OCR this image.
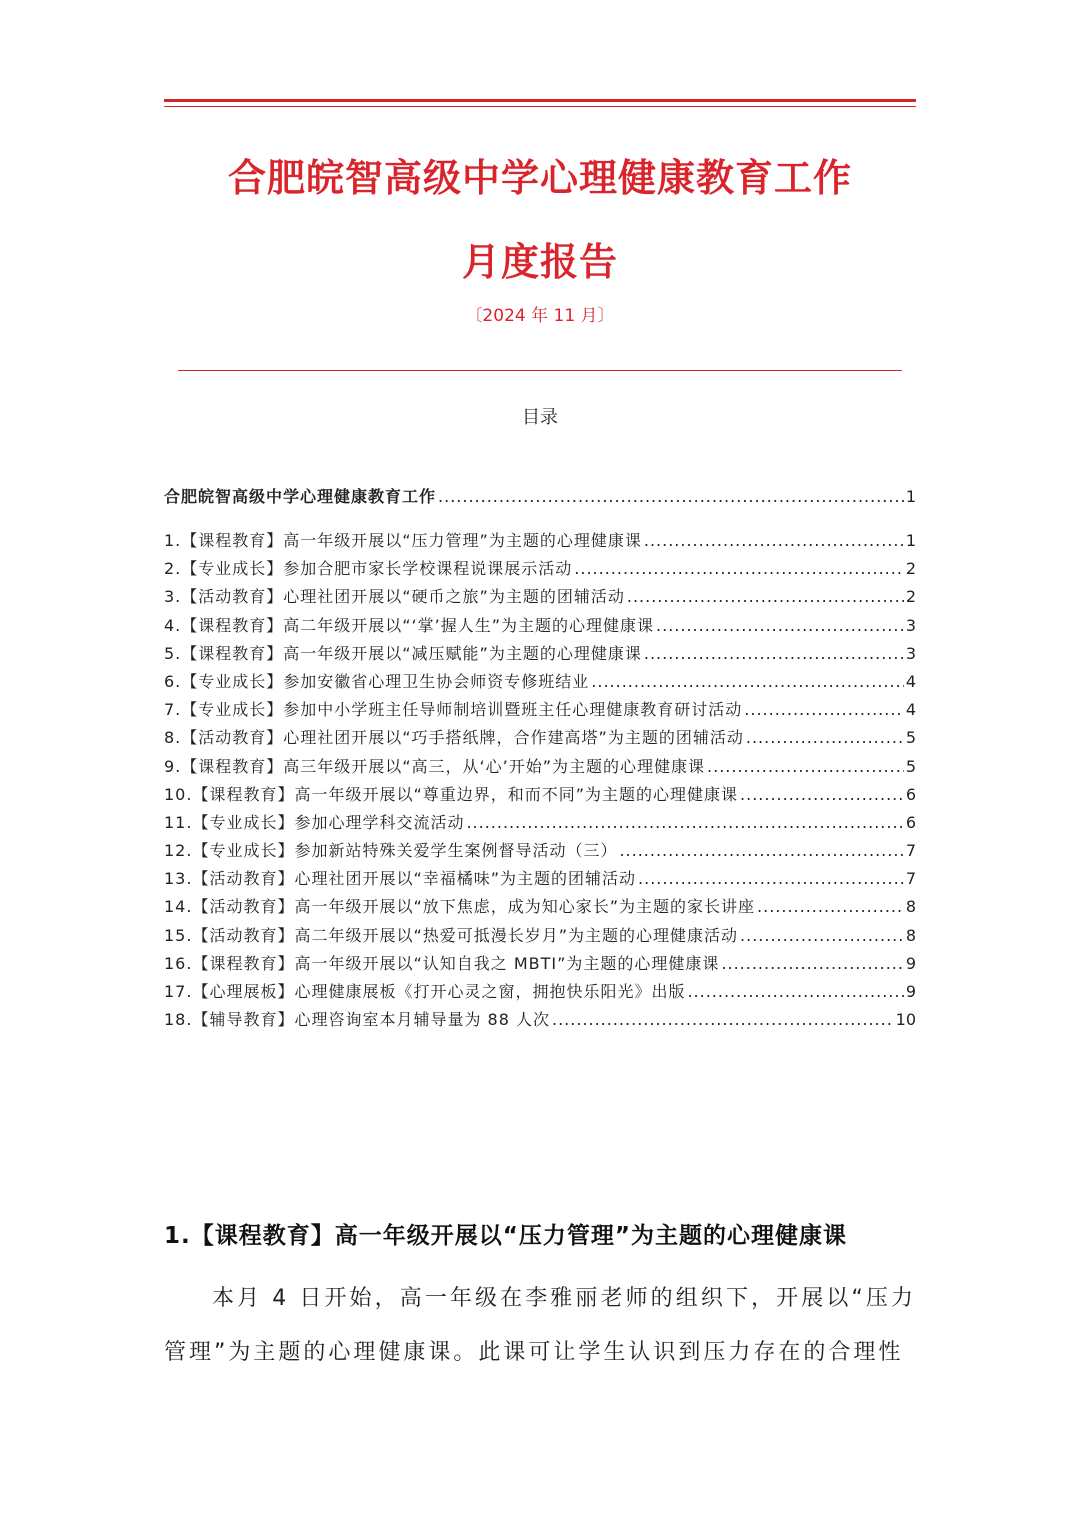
合肥皖智高级中学心理健康教育工作
月度报告
〔2024 年 11 月〕
目录
合肥皖智高级中学心理健康教育工作 .....	1
1.【课程教育】高一年级开展以“压力管理”为主题的心理健康课 .....	1
2.【专业成长】参加合肥市家长学校课程说课展示活动 .....	2
3.【活动教育】心理社团开展以“硬币之旅”为主题的团辅活动 .....	2
4.【课程教育】高二年级开展以“‘掌’握人生”为主题的心理健康课 .....	3
5.【课程教育】高一年级开展以“减压赋能”为主题的心理健康课 .....	3
6.【专业成长】参加安徽省心理卫生协会师资专修班结业 .....	4
7.【专业成长】参加中小学班主任导师制培训暨班主任心理健康教育研讨活动 .....	4
8.【活动教育】心理社团开展以“巧手搭纸牌，合作建高塔”为主题的团辅活动 .....	5
9.【课程教育】高三年级开展以“高三，从‘心’开始”为主题的心理健康课 .....	5
10.【课程教育】高一年级开展以“尊重边界，和而不同”为主题的心理健康课 .....	6
11.【专业成长】参加心理学科交流活动 .....	6
12.【专业成长】参加新站特殊关爱学生案例督导活动（三） .....	7
13.【活动教育】心理社团开展以“幸福橘味”为主题的团辅活动 .....	7
14.【活动教育】高一年级开展以“放下焦虑，成为知心家长”为主题的家长讲座 .....	8
15.【活动教育】高二年级开展以“热爱可抵漫长岁月”为主题的心理健康活动 .....	8
16.【课程教育】高一年级开展以“认知自我之 MBTI”为主题的心理健康课 .....	9
17.【心理展板】心理健康展板《打开心灵之窗，拥抱快乐阳光》出版 .....	9
18.【辅导教育】心理咨询室本月辅导量为 88 人次 .....	10
1.【课程教育】高一年级开展以“压力管理”为主题的心理健康课
本月 4 日开始，高一年级在李雅丽老师的组织下，开展以“压力管理”为主题的心理健康课。此课可让学生认识到压力存在的合理性
